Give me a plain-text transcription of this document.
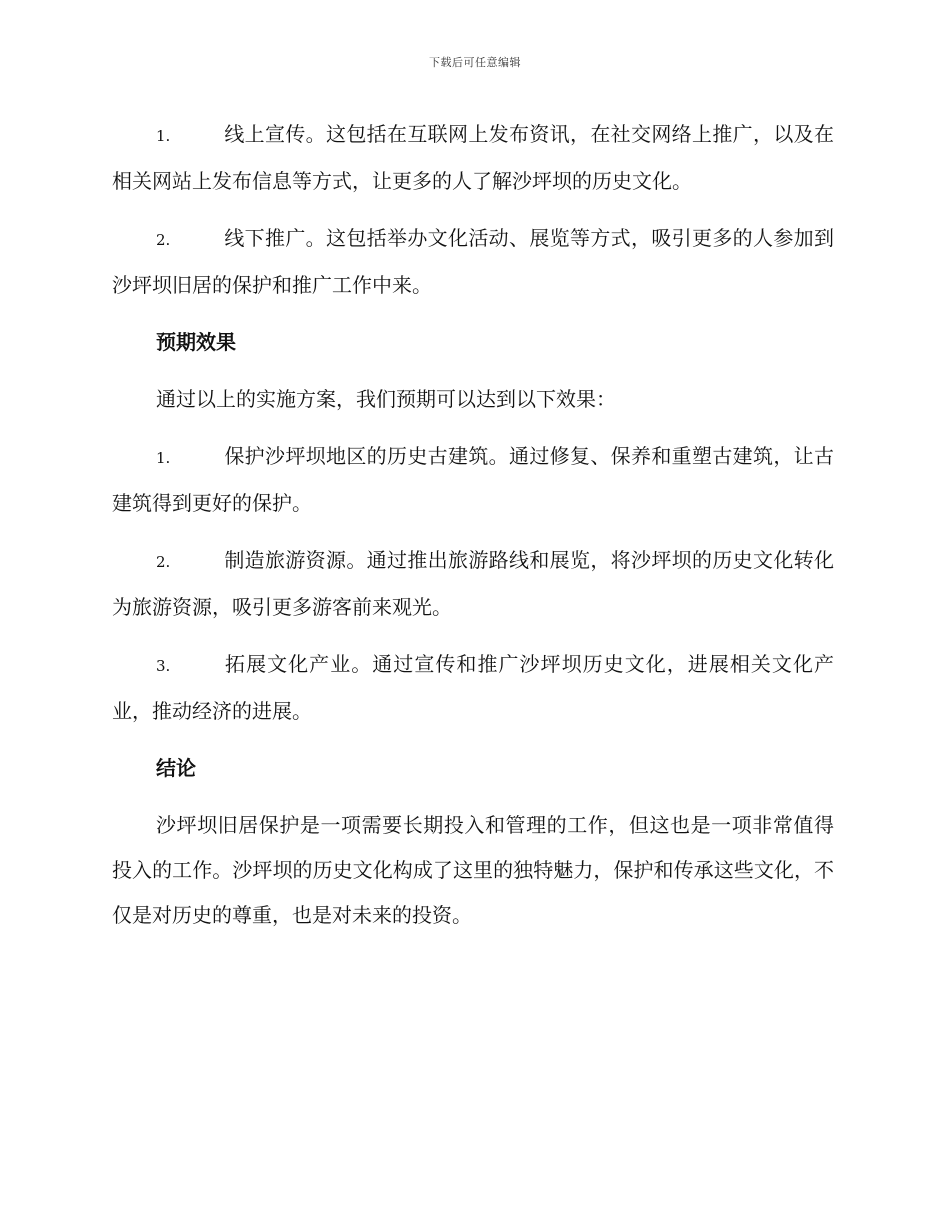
下载后可任意编辑

1.	线上宣传。这包括在互联网上发布资讯，在社交网络上推广，以及在相关网站上发布信息等方式，让更多的人了解沙坪坝的历史文化。

2.	线下推广。这包括举办文化活动、展览等方式，吸引更多的人参加到沙坪坝旧居的保护和推广工作中来。

预期效果

通过以上的实施方案，我们预期可以达到以下效果：

1.	保护沙坪坝地区的历史古建筑。通过修复、保养和重塑古建筑，让古建筑得到更好的保护。

2.	制造旅游资源。通过推出旅游路线和展览，将沙坪坝的历史文化转化为旅游资源，吸引更多游客前来观光。

3.	拓展文化产业。通过宣传和推广沙坪坝历史文化，进展相关文化产业，推动经济的进展。

结论

沙坪坝旧居保护是一项需要长期投入和管理的工作，但这也是一项非常值得投入的工作。沙坪坝的历史文化构成了这里的独特魅力，保护和传承这些文化，不仅是对历史的尊重，也是对未来的投资。
